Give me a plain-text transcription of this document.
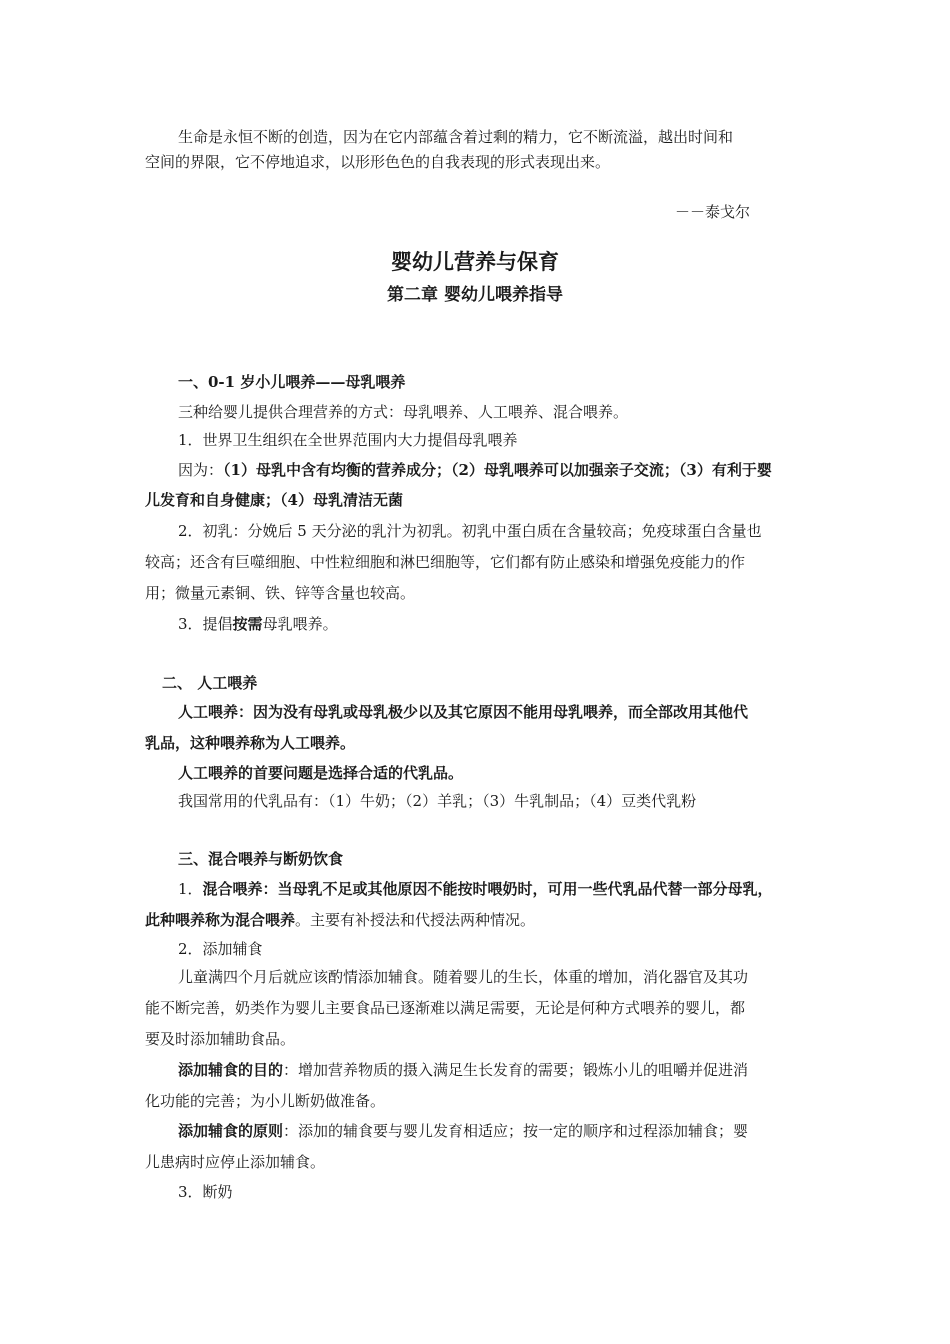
生命是永恒不断的创造，因为在它内部蕴含着过剩的精力，它不断流溢，越出时间和
空间的界限，它不停地追求，以形形色色的自我表现的形式表现出来。
－－泰戈尔
婴幼儿营养与保育
第二章 婴幼儿喂养指导
一、0-1 岁小儿喂养——母乳喂养
三种给婴儿提供合理营养的方式：母乳喂养、人工喂养、混合喂养。
1．世界卫生组织在全世界范围内大力提倡母乳喂养
因为：（1）母乳中含有均衡的营养成分；（2）母乳喂养可以加强亲子交流；（3）有利于婴
儿发育和自身健康；（4）母乳清洁无菌
2．初乳：分娩后 5 天分泌的乳汁为初乳。初乳中蛋白质在含量较高；免疫球蛋白含量也
较高；还含有巨噬细胞、中性粒细胞和淋巴细胞等，它们都有防止感染和增强免疫能力的作
用；微量元素铜、铁、锌等含量也较高。
3．提倡按需母乳喂养。
二、 人工喂养
人工喂养：因为没有母乳或母乳极少以及其它原因不能用母乳喂养，而全部改用其他代
乳品，这种喂养称为人工喂养。
人工喂养的首要问题是选择合适的代乳品。
我国常用的代乳品有：（1）牛奶；（2）羊乳；（3）牛乳制品；（4）豆类代乳粉
三、混合喂养与断奶饮食
1．混合喂养：当母乳不足或其他原因不能按时喂奶时，可用一些代乳品代替一部分母乳，
此种喂养称为混合喂养。主要有补授法和代授法两种情况。
2．添加辅食
儿童满四个月后就应该酌情添加辅食。随着婴儿的生长，体重的增加，消化器官及其功
能不断完善，奶类作为婴儿主要食品已逐渐难以满足需要，无论是何种方式喂养的婴儿，都
要及时添加辅助食品。
添加辅食的目的：增加营养物质的摄入满足生长发育的需要；锻炼小儿的咀嚼并促进消
化功能的完善；为小儿断奶做准备。
添加辅食的原则：添加的辅食要与婴儿发育相适应；按一定的顺序和过程添加辅食；婴
儿患病时应停止添加辅食。
3．断奶
